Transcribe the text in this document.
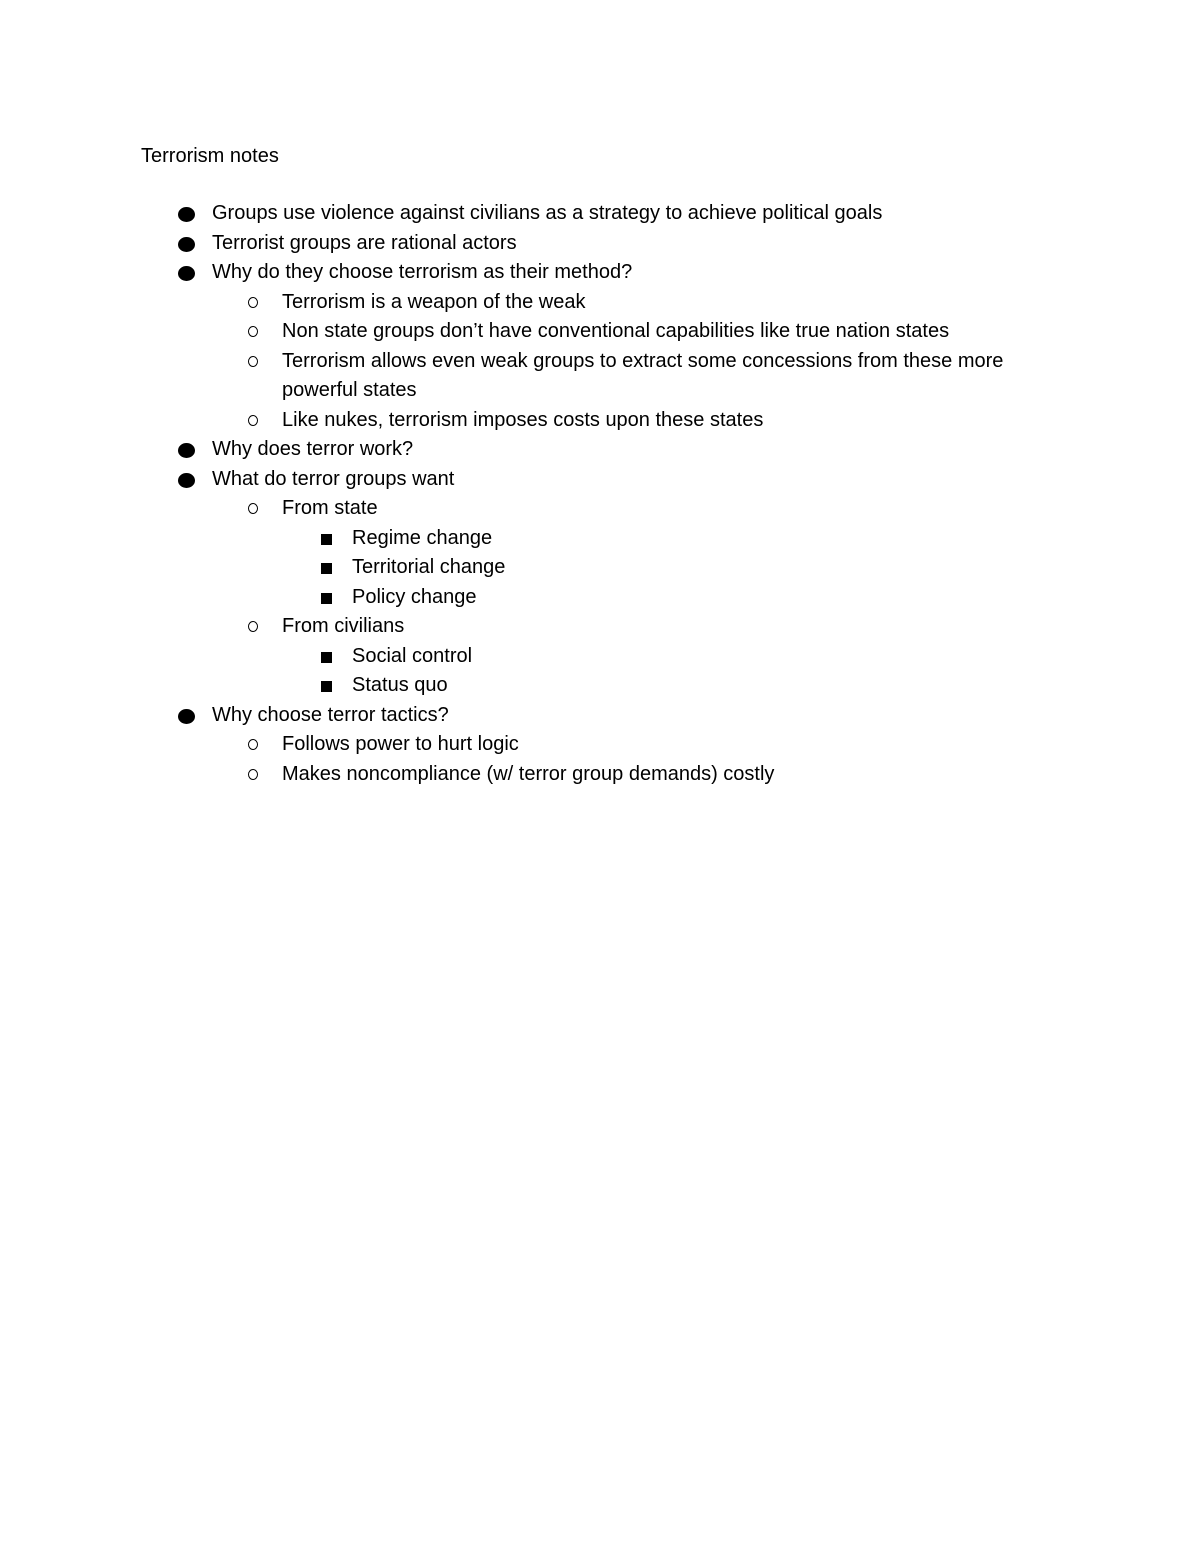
Terrorism notes
Groups use violence against civilians as a strategy to achieve political goals
Terrorist groups are rational actors
Why do they choose terrorism as their method?
Terrorism is a weapon of the weak
Non state groups don’t have conventional capabilities like true nation states
Terrorism allows even weak groups to extract some concessions from these more powerful states
Like nukes, terrorism imposes costs upon these states
Why does terror work?
What do terror groups want
From state
Regime change
Territorial change
Policy change
From civilians
Social control
Status quo
Why choose terror tactics?
Follows power to hurt logic
Makes noncompliance (w/ terror group demands) costly
